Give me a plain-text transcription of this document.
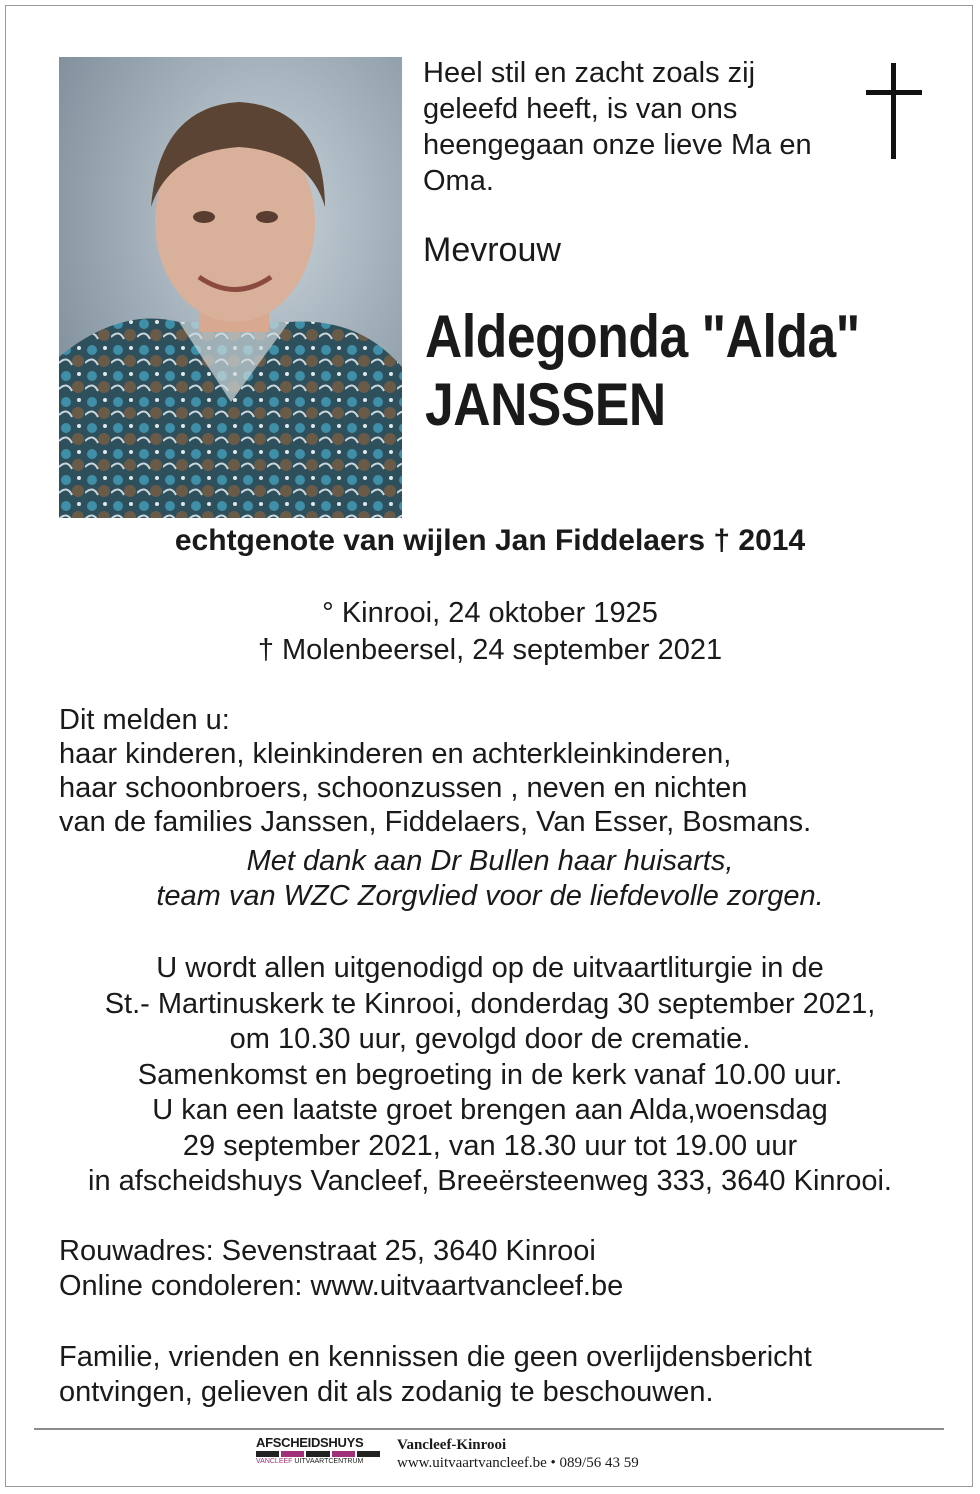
Heel stil en zacht zoals zij
geleefd heeft, is van ons
heengegaan onze lieve Ma en
Oma.
Mevrouw
Aldegonda "Alda"
JANSSEN
echtgenote van wijlen Jan Fiddelaers † 2014
° Kinrooi, 24 oktober 1925
† Molenbeersel, 24 september 2021
Dit melden u:
haar kinderen, kleinkinderen en achterkleinkinderen,
haar schoonbroers, schoonzussen , neven en nichten
van de families Janssen, Fiddelaers, Van Esser, Bosmans.
Met dank aan Dr Bullen haar huisarts,
team van WZC Zorgvlied voor de liefdevolle zorgen.
U wordt allen uitgenodigd op de uitvaartliturgie in de
St.- Martinuskerk te Kinrooi, donderdag 30 september 2021,
om 10.30 uur, gevolgd door de crematie.
Samenkomst en begroeting in de kerk vanaf 10.00 uur.
U kan een laatste groet brengen aan Alda,woensdag
29 september 2021, van 18.30 uur tot 19.00 uur
in afscheidshuys Vancleef, Breeërsteenweg 333, 3640 Kinrooi.
Rouwadres: Sevenstraat 25, 3640 Kinrooi
Online condoleren: www.uitvaartvancleef.be
Familie, vrienden en kennissen die geen overlijdensbericht
ontvingen, gelieven dit als zodanig te beschouwen.
AFSCHEIDSHUYS
VANCLEEF UITVAARTCENTRUM
Vancleef-Kinrooi
www.uitvaartvancleef.be • 089/56 43 59
